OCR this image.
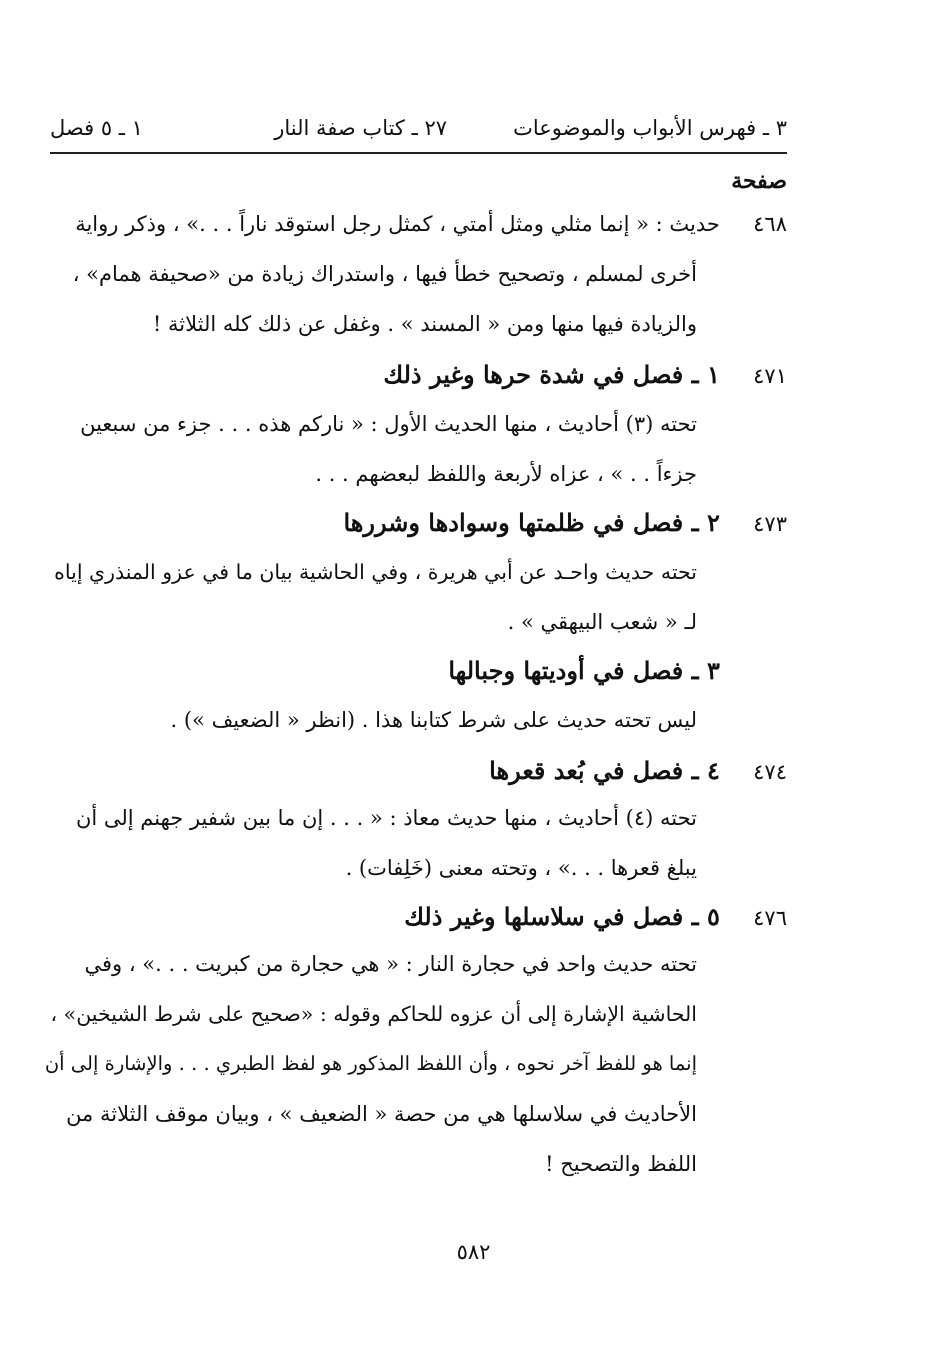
٣ ـ فهرس الأبواب والموضوعات
٢٧ ـ كتاب صفة النار
١ ـ ٥ فصل
صفحة
٤٦٨ حديث : « إنما مثلي ومثل أمتي ، كمثل رجل استوقد ناراً . . .» ، وذكر رواية
أخرى لمسلم ، وتصحيح خطأ فيها ، واستدراك زيادة من «صحيفة همام» ،
والزيادة فيها منها ومن « المسند » . وغفل عن ذلك كله الثلاثة !
٤٧١ ١ ـ فصل في شدة حرها وغير ذلك
تحته (٣) أحاديث ، منها الحديث الأول : « ناركم هذه . . . جزء من سبعين
جزءاً . . » ، عزاه لأربعة واللفظ لبعضهم . . .
٤٧٣ ٢ ـ فصل في ظلمتها وسوادها وشررها
تحته حديث واحـد عن أبي هريرة ، وفي الحاشية بيان ما في عزو المنذري إياه
لـ « شعب البيهقي » .
٣ ـ فصل في أوديتها وجبالها
ليس تحته حديث على شرط كتابنا هذا . (انظر « الضعيف ») .
٤٧٤ ٤ ـ فصل في بُعد قعرها
تحته (٤) أحاديث ، منها حديث معاذ : « . . . إن ما بين شفير جهنم إلى أن
يبلغ قعرها . . .» ، وتحته معنى (خَلِفات) .
٤٧٦ ٥ ـ فصل في سلاسلها وغير ذلك
تحته حديث واحد في حجارة النار : « هي حجارة من كبريت . . .» ، وفي
الحاشية الإشارة إلى أن عزوه للحاكم وقوله : «صحيح على شرط الشيخين» ،
إنما هو للفظ آخر نحوه ، وأن اللفظ المذكور هو لفظ الطبري . . . والإشارة إلى أن
الأحاديث في سلاسلها هي من حصة « الضعيف » ، وبيان موقف الثلاثة من
اللفظ والتصحيح !
٥٨٢
